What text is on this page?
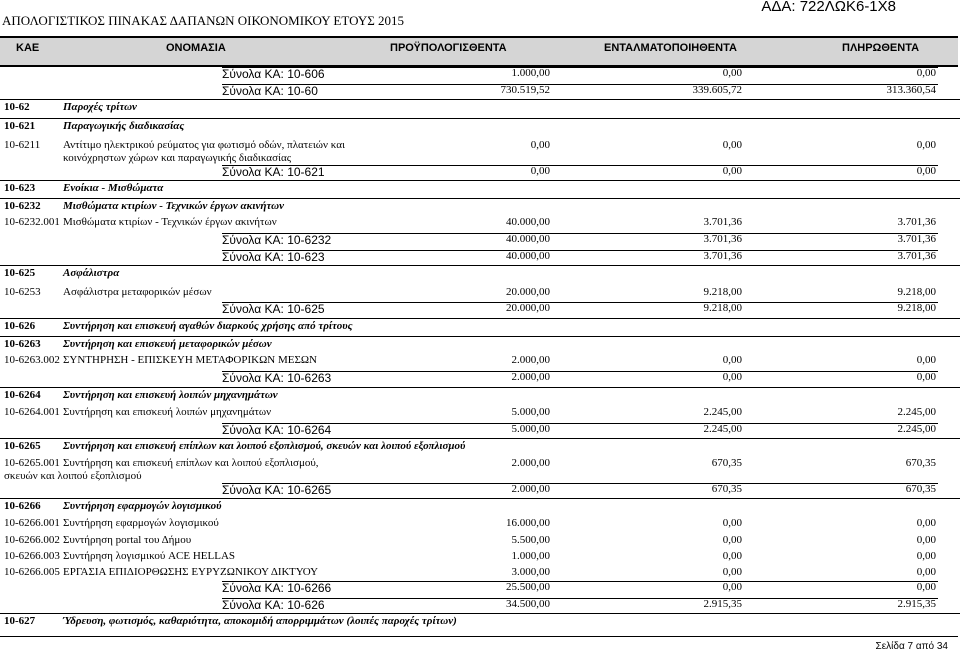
ΑΠΟΛΟΓΙΣΤΙΚΟΣ ΠΙΝΑΚΑΣ ΔΑΠΑΝΩΝ ΟΙΚΟΝΟΜΙΚΟΥ ΕΤΟΥΣ 2015
ΑΔΑ: 722ΛΩΚ6-1Χ8
ΚΑΕ	ΟΝΟΜΑΣΙΑ	ΠΡΟΫΠΟΛΟΓΙΣΘΕΝΤΑ	ΕΝΤΑΛΜΑΤΟΠΟΙΗΘΕΝΤΑ	ΠΛΗΡΩΘΕΝΤΑ
Σύνολα ΚΑ: 10-606	1.000,00	0,00	0,00
Σύνολα ΚΑ: 10-60	730.519,52	339.605,72	313.360,54
10-62	Παροχές τρίτων
10-621	Παραγωγικής διαδικασίας
10-6211 Αντίτιμο ηλεκτρικού ρεύματος για φωτισμό οδών, πλατειών και
κοινόχρηστων χώρων και παραγωγικής διαδικασίας
0,00	0,00	0,00
Σύνολα ΚΑ: 10-621	0,00	0,00	0,00
10-623	Ενοίκια - Μισθώματα
10-6232 Μισθώματα κτιρίων - Τεχνικών έργων ακινήτων
10-6232.001 Μισθώματα κτιρίων - Τεχνικών έργων ακινήτων	40.000,00	3.701,36	3.701,36
Σύνολα ΚΑ: 10-6232	40.000,00	3.701,36	3.701,36
Σύνολα ΚΑ: 10-623	40.000,00	3.701,36	3.701,36
10-625	Ασφάλιστρα
10-6253 Ασφάλιστρα μεταφορικών μέσων	20.000,00	9.218,00	9.218,00
Σύνολα ΚΑ: 10-625	20.000,00	9.218,00	9.218,00
10-626	Συντήρηση και επισκευή αγαθών διαρκούς χρήσης από τρίτους
10-6263 Συντήρηση και επισκευή μεταφορικών μέσων
10-6263.002 ΣΥΝΤΗΡΗΣΗ - ΕΠΙΣΚΕΥΗ ΜΕΤΑΦΟΡΙΚΩΝ ΜΕΣΩΝ	2.000,00	0,00	0,00
Σύνολα ΚΑ: 10-6263	2.000,00	0,00	0,00
10-6264 Συντήρηση και επισκευή λοιπών μηχανημάτων
10-6264.001 Συντήρηση και επισκευή λοιπών μηχανημάτων	5.000,00	2.245,00	2.245,00
Σύνολα ΚΑ: 10-6264	5.000,00	2.245,00	2.245,00
10-6265 Συντήρηση και επισκευή επίπλων και λοιπού εξοπλισμού, σκευών και λοιπού εξοπλισμού
10-6265.001 Συντήρηση και επισκευή επίπλων και λοιπού εξοπλισμού,
σκευών και λοιπού εξοπλισμού
2.000,00	670,35	670,35
Σύνολα ΚΑ: 10-6265	2.000,00	670,35	670,35
10-6266 Συντήρηση εφαρμογών λογισμικού
10-6266.001 Συντήρηση εφαρμογών λογισμικού	16.000,00	0,00	0,00
10-6266.002 Συντήρηση portal του Δήμου	5.500,00	0,00	0,00
10-6266.003 Συντήρηση λογισμικού ACE HELLAS	1.000,00	0,00	0,00
10-6266.005 ΕΡΓΑΣΙΑ ΕΠΙΔΙΟΡΘΩΣΗΣ ΕΥΡΥΖΩΝΙΚΟΥ ΔΙΚΤΥΟΥ	3.000,00	0,00	0,00
Σύνολα ΚΑ: 10-6266	25.500,00	0,00	0,00
Σύνολα ΚΑ: 10-626	34.500,00	2.915,35	2.915,35
10-627	Ύδρευση, φωτισμός, καθαριότητα, αποκομιδή απορριμμάτων (λοιπές παροχές τρίτων)
Σελίδα 7 από 34
